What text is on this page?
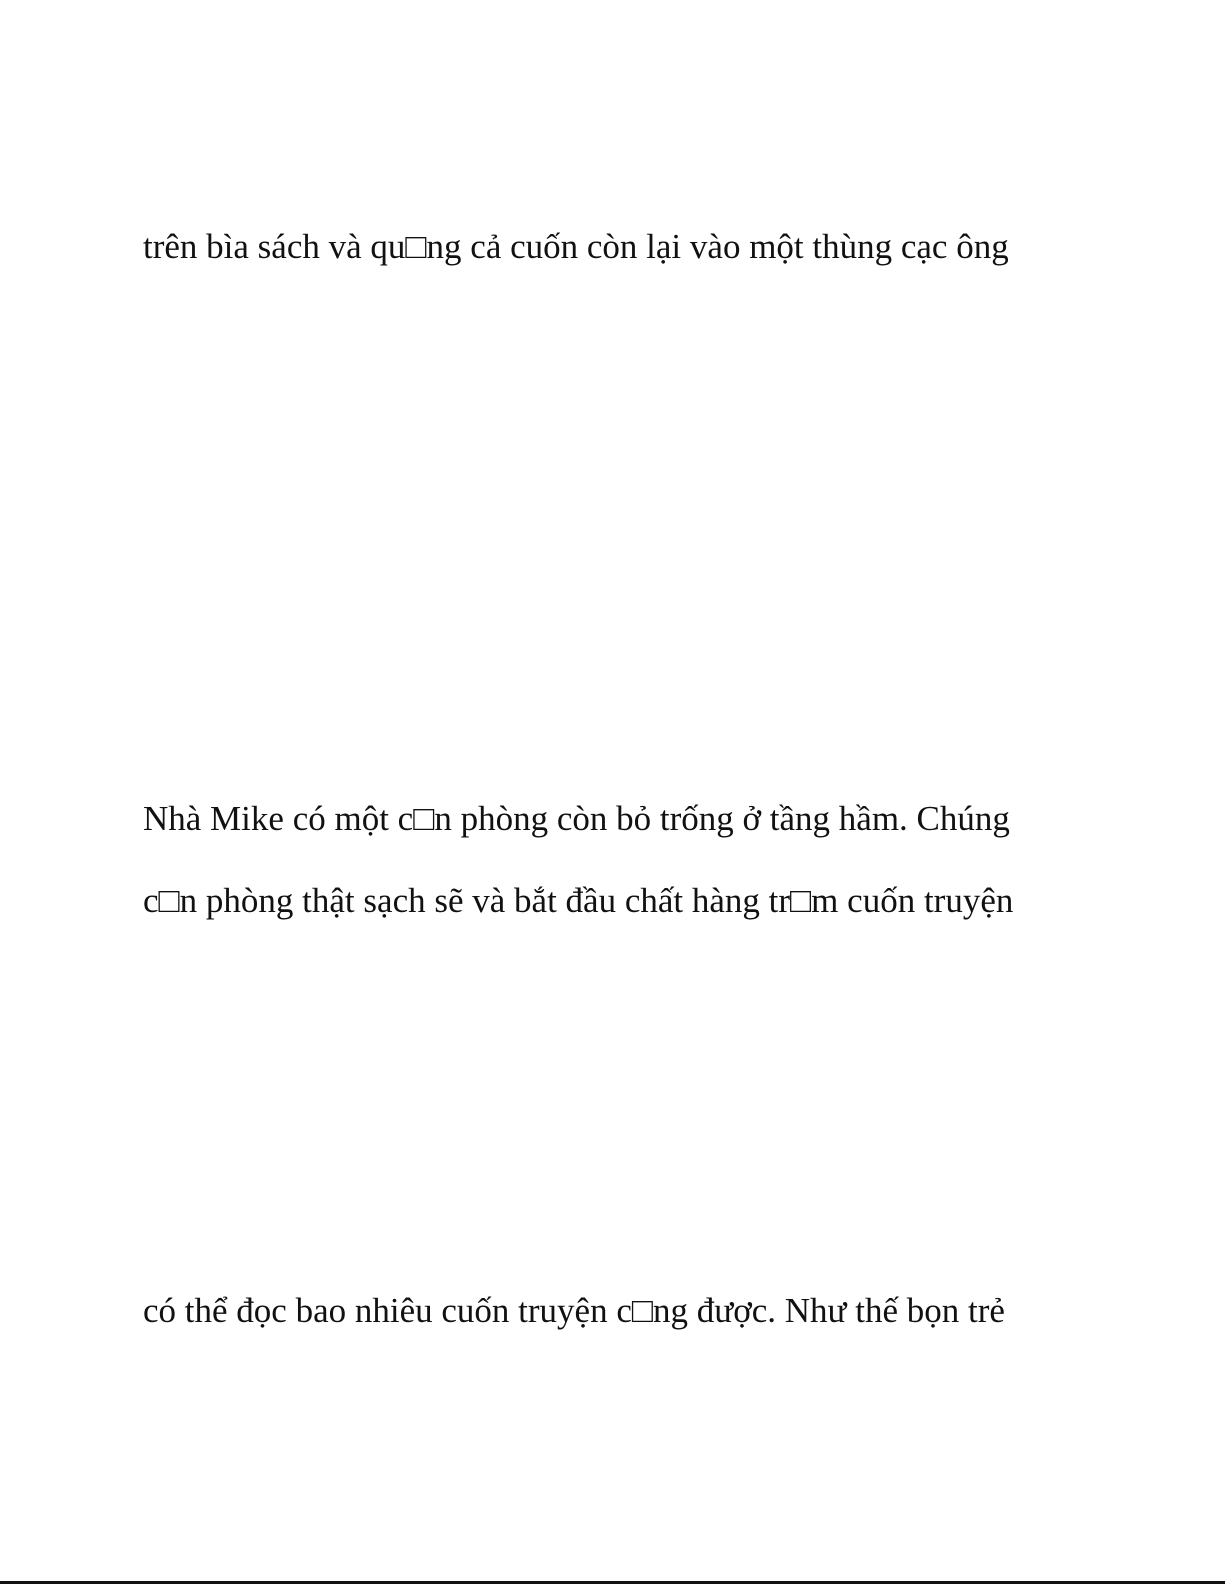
trên bìa sách và qu□ng cả cuốn còn lại vào một thùng cạc ông

Nhà Mike có một c□n phòng còn bỏ trống ở tầng hầm. Chúng

c□n phòng thật sạch sẽ và bắt đầu chất hàng tr□m cuốn truyện

có thể đọc bao nhiêu cuốn truyện c□ng được. Như thế bọn trẻ
